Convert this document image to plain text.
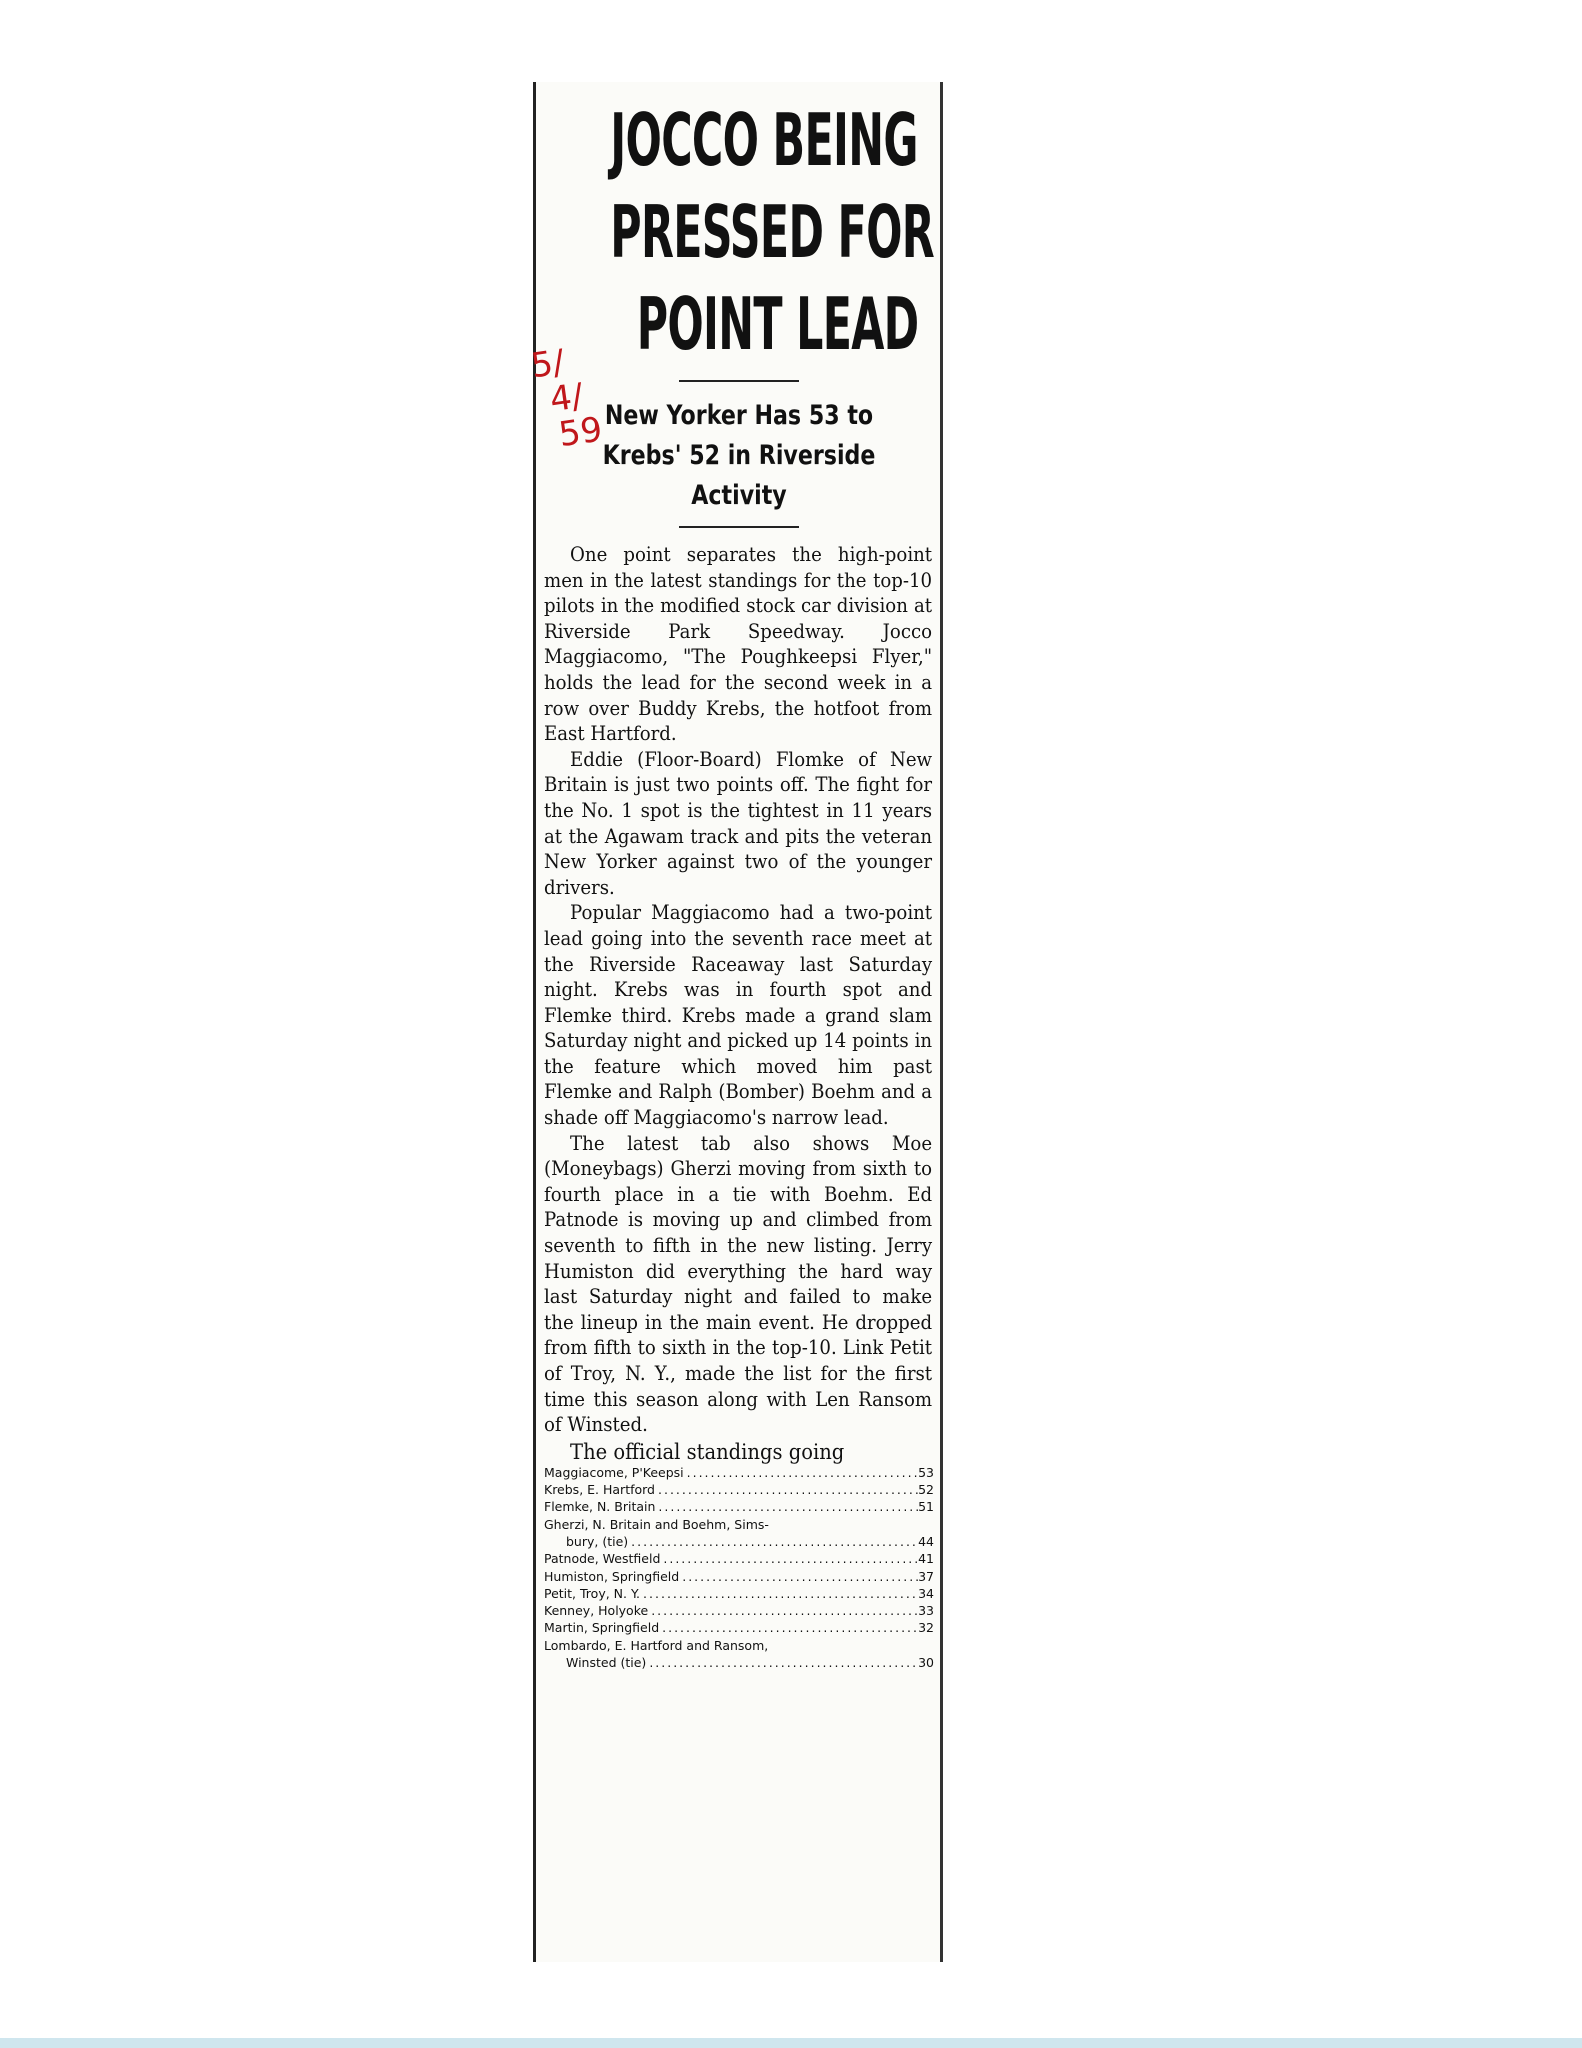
5/
4/
59
JOCCO BEING
PRESSED FOR
POINT LEAD
New Yorker Has 53 to
Krebs' 52 in Riverside
Activity

One point separates the high-point men in the latest standings for the top-10 pilots in the modified stock car division at Riverside Park Speedway. Jocco Maggiacomo, "The Poughkeepsi Flyer," holds the lead for the second week in a row over Buddy Krebs, the hotfoot from East Hartford.

Eddie (Floor-Board) Flomke of New Britain is just two points off. The fight for the No. 1 spot is the tightest in 11 years at the Agawam track and pits the veteran New Yorker against two of the younger drivers.

Popular Maggiacomo had a two-point lead going into the seventh race meet at the Riverside Raceaway last Saturday night. Krebs was in fourth spot and Flemke third. Krebs made a grand slam Saturday night and picked up 14 points in the feature which moved him past Flemke and Ralph (Bomber) Boehm and a shade off Maggiacomo's narrow lead.

The latest tab also shows Moe (Moneybags) Gherzi moving from sixth to fourth place in a tie with Boehm. Ed Patnode is moving up and climbed from seventh to fifth in the new listing. Jerry Humiston did everything the hard way last Saturday night and failed to make the lineup in the main event. He dropped from fifth to sixth in the top-10. Link Petit of Troy, N. Y., made the list for the first time this season along with Len Ransom of Winsted.

The official standings going
Maggiacome, P'Keepsi .....	53
Krebs, E. Hartford .....	52
Flemke, N. Britain .....	51
Gherzi, N. Britain and Boehm, Sims-
bury, (tie) .....	44
Patnode, Westfield .....	41
Humiston, Springfield .....	37
Petit, Troy, N. Y. .....	34
Kenney, Holyoke .....	33
Martin, Springfield .....	32
Lombardo, E. Hartford and Ransom,
Winsted (tie) .....	30
